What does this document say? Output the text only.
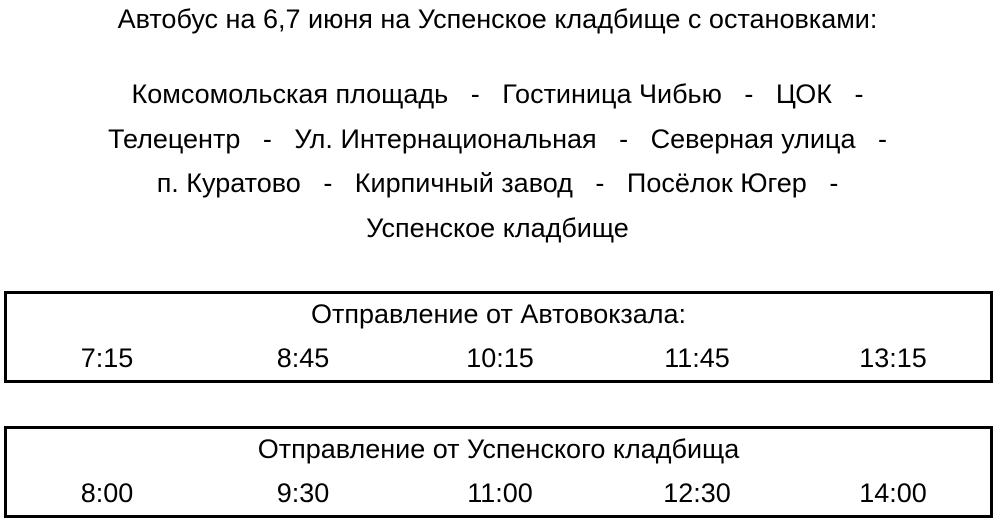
Автобус на 6,7 июня на Успенское кладбище с остановками:
Комсомольская площадь   -   Гостиница Чибью   -   ЦОК   -
Телецентр   -   Ул. Интернациональная   -   Северная улица   -
п. Куратово   -   Кирпичный завод   -   Посёлок Югер   -
Успенское кладбище
Отправление от Автовокзала:
7:15	8:45	10:15	11:45	13:15
Отправление от Успенского кладбища
8:00	9:30	11:00	12:30	14:00
